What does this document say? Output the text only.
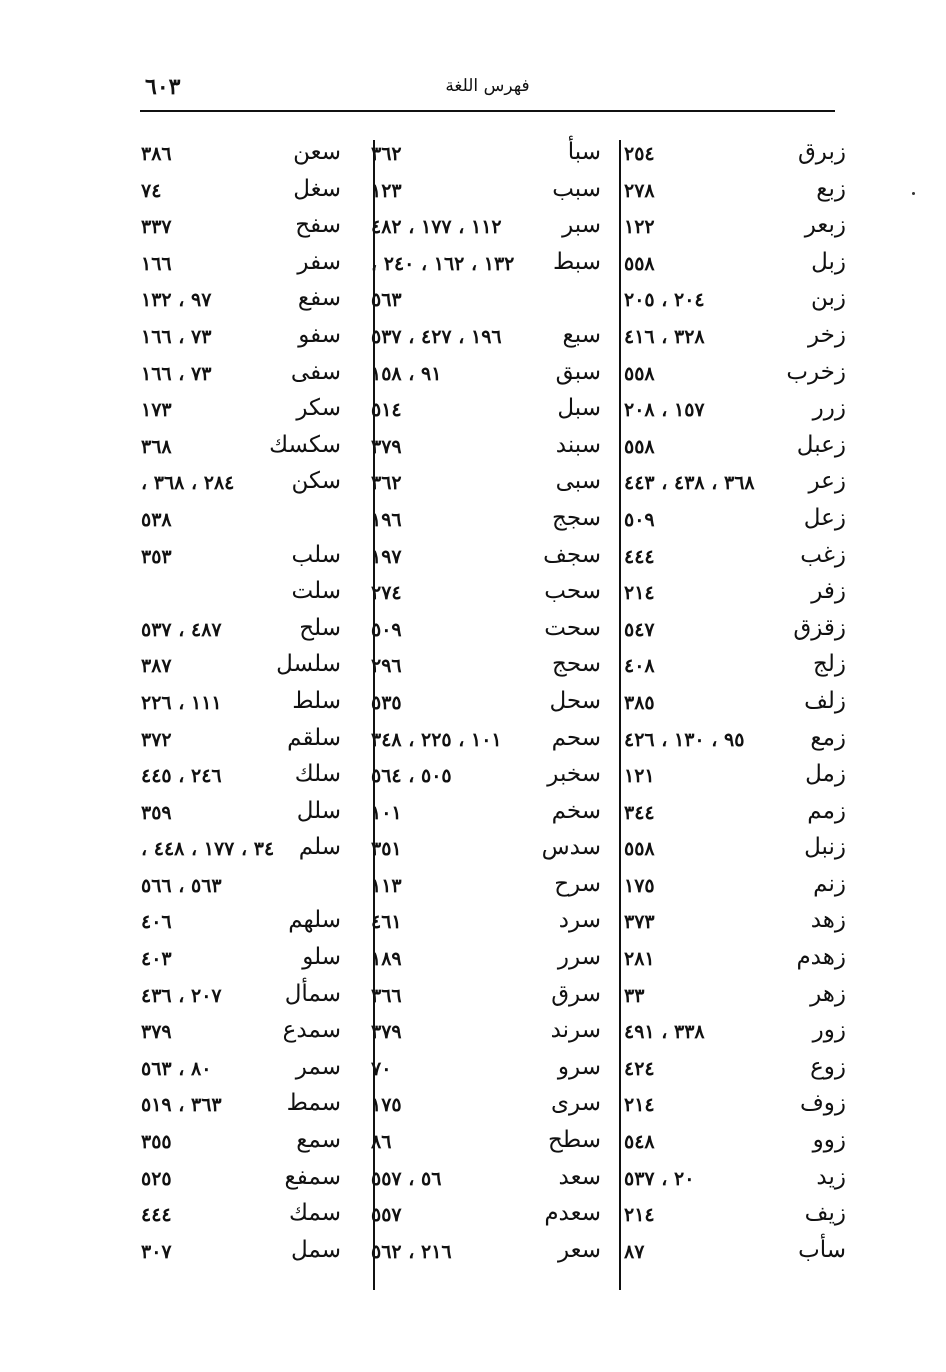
٦٠٣	فهرس اللغة
زبرق
٢٥٤
زبع
٢٧٨
زبعر
١٢٢
زبل
٥٥٨
زبن
٢٠٤ ، ٢٠٥
زخر
٣٢٨ ، ٤١٦
زخرب
٥٥٨
زرر
١٥٧ ، ٢٠٨
زعبل
٥٥٨
زعر
٣٦٨ ، ٤٣٨ ، ٤٤٣
زعل
٥٠٩
زغب
٤٤٤
زفر
٢١٤
زقزق
٥٤٧
زلج
٤٠٨
زلف
٣٨٥
زمع
٩٥ ، ١٣٠ ، ٤٢٦
زمل
١٢١
زمم
٣٤٤
زنبل
٥٥٨
زنم
١٧٥
زهد
٣٧٣
زهدم
٢٨١
زهر
٣٣
زور
٣٣٨ ، ٤٩١
زوع
٤٢٤
زوف
٢١٤
زوو
٥٤٨
زيد
٢٠ ، ٥٣٧
زيف
٢١٤
سأب
٨٧
سبأ
٣٦٢
سبب
١٢٣
سبر
١١٢ ، ١٧٧ ، ٤٨٢
سبط
١٣٢ ، ١٦٢ ، ٢٤٠ ،
٥٦٣
سبع
١٩٦ ، ٤٢٧ ، ٥٣٧
سبق
٩١ ، ١٥٨
سبل
٥١٤
سبند
٣٧٩
سبى
٣٦٢
سجج
١٩٦
سجف
١٩٧
سحب
٢٧٤
سحت
٥٠٩
سحج
٢٩٦
سحل
٥٣٥
سحم
١٠١ ، ٢٢٥ ، ٣٤٨
سخبر
٥٠٥ ، ٥٦٤
سخم
١٠١
سدس
٣٥١
سرح
١١٣
سرد
٤٦١
سرر
١٨٩
سرق
٣٦٦
سرند
٣٧٩
سرو
٧٠
سرى
١٧٥
سطح
٨٦
سعد
٥٦ ، ٥٥٧
سعدم
٥٥٧
سعر
٢١٦ ، ٥٦٢
سعن
٣٨٦
سغل
٧٤
سفح
٣٣٧
سفر
١٦٦
سفع
٩٧ ، ١٣٢
سفو
٧٣ ، ١٦٦
سفى
٧٣ ، ١٦٦
سكر
١٧٣
سكسك
٣٦٨
سكن
٢٨٤ ، ٣٦٨ ،
٥٣٨
سلب
٣٥٣
سلت
سلح
٤٨٧ ، ٥٣٧
سلسل
٣٨٧
سلط
١١١ ، ٢٢٦
سلقم
٣٧٢
سلك
٢٤٦ ، ٤٤٥
سلل
٣٥٩
سلم
٣٤ ، ١٧٧ ، ٤٤٨ ،
٥٦٣ ، ٥٦٦
سلهم
٤٠٦
سلو
٤٠٣
سمأل
٢٠٧ ، ٤٣٦
سمدع
٣٧٩
سمر
٨٠ ، ٥٦٣
سمط
٣٦٣ ، ٥١٩
سمع
٣٥٥
سمفع
٥٢٥
سمك
٤٤٤
سمل
٣٠٧
